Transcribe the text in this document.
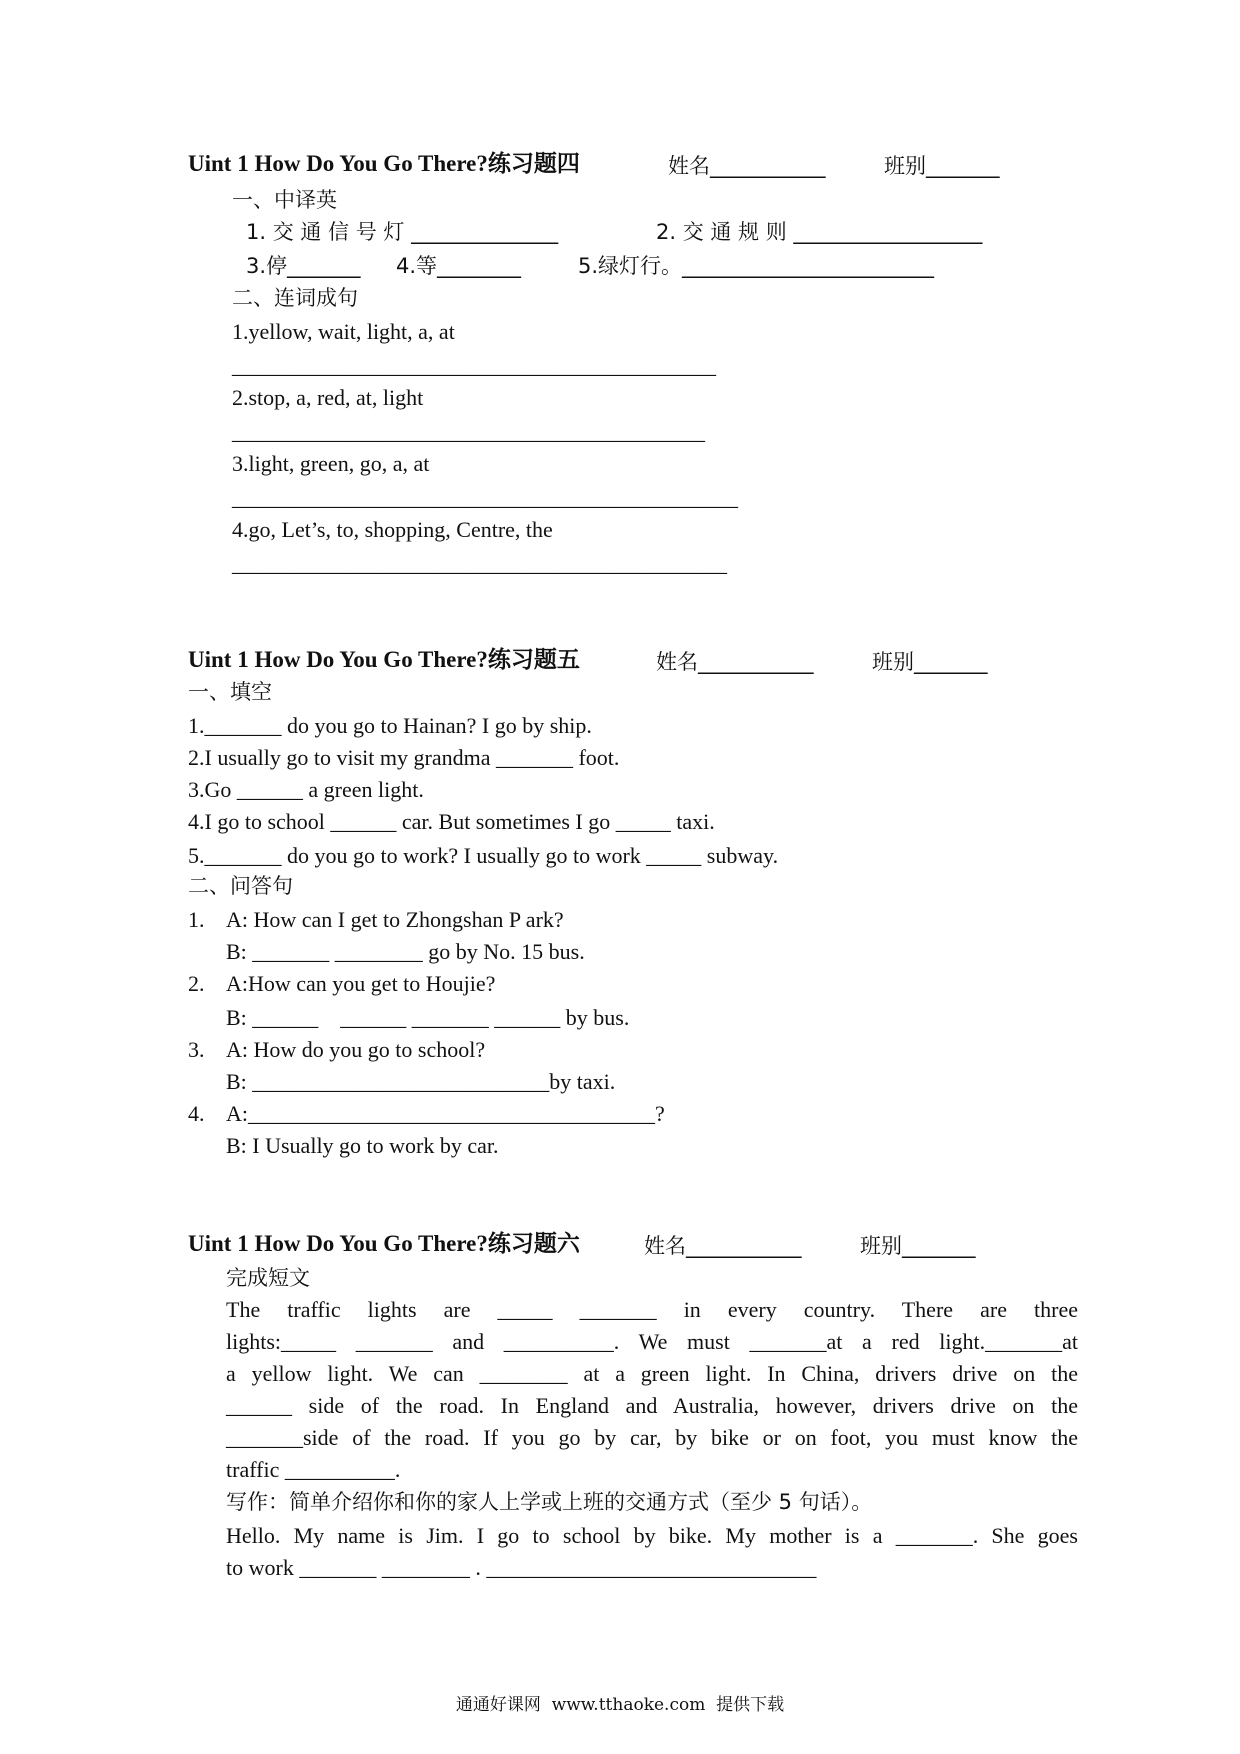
Uint 1 How Do You Go There?练习题四	姓名___________	班别_______
一、中译英
1. 交 通 信 号 灯 ______________	2. 交 通 规 则 __________________
3.停_______ 4.等________	5.绿灯行。________________________
二、连词成句
1.yellow, wait, light, a, at
____________________________________________
2.stop, a, red, at, light
___________________________________________
3.light, green, go, a, at
______________________________________________
4.go, Let’s, to, shopping, Centre, the
_____________________________________________
Uint 1 How Do You Go There?练习题五	姓名___________	班别_______
一、填空
1._______ do you go to Hainan? I go by ship.
2.I usually go to visit my grandma _______ foot.
3.Go ______ a green light.
4.I go to school ______ car. But sometimes I go _____ taxi.
5._______ do you go to work? I usually go to work _____ subway.
二、问答句
1. A: How can I get to Zhongshan P ark?
B: _______ ________ go by No. 15 bus.
2. A:How can you get to Houjie?
B: ______    ______ _______ ______ by bus.
3. A: How do you go to school?
B: ___________________________by taxi.
4. A:_____________________________________?
B: I Usually go to work by car.
Uint 1 How Do You Go There?练习题六	姓名___________	班别_______
完成短文
The traffic lights are _____ _______ in every country. There are three
lights:_____ _______ and __________. We must _______at a red light._______at
a yellow light. We can ________ at a green light. In China, drivers drive on the
______ side of the road. In England and Australia, however, drivers drive on the
_______side of the road. If you go by car, by bike or on foot, you must know the
traffic __________.
写作：简单介绍你和你的家人上学或上班的交通方式（至少 5 句话）。
Hello. My name is Jim. I go to school by bike. My mother is a _______. She goes
to work _______ ________ . ______________________________
通通好课网  www.tthaoke.com  提供下载
